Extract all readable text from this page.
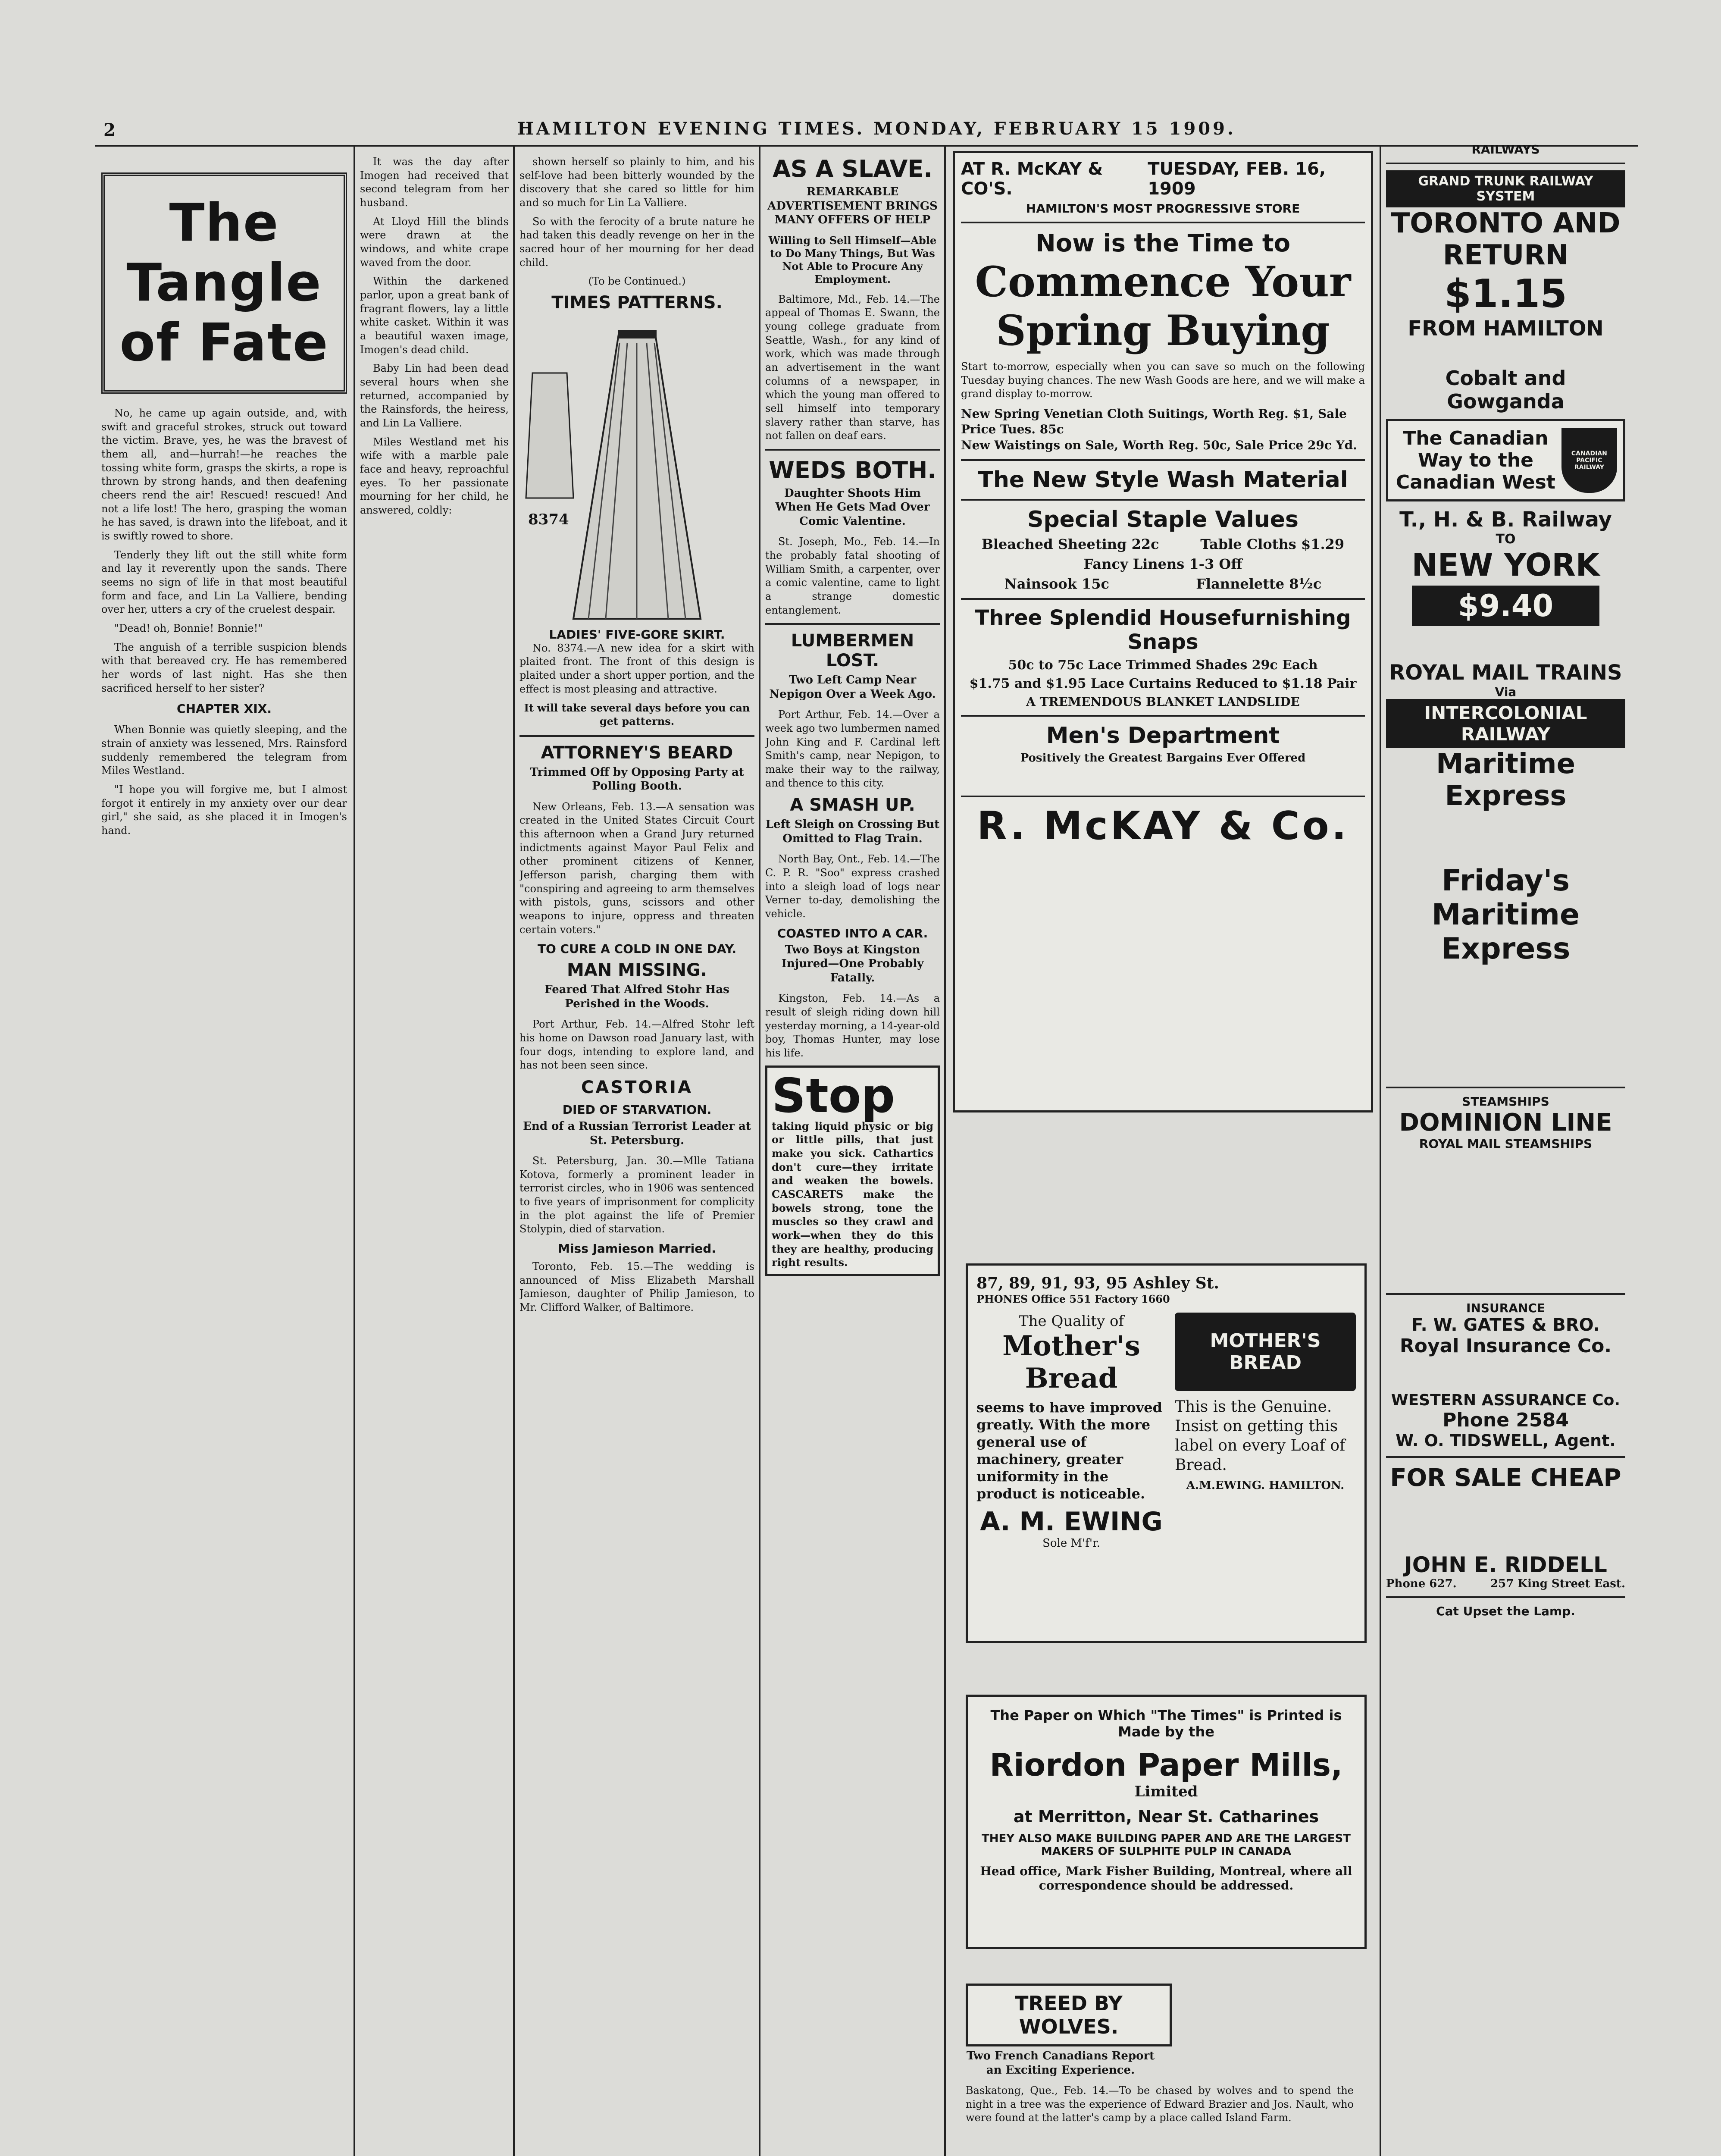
2	HAMILTON EVENING TIMES. MONDAY, FEBRUARY 15 1909.
The Tangle of Fate

No, he came up again outside, and, with swift and graceful strokes, struck out toward the victim. Brave, yes, he was the bravest of them all, and—hurrah!—he reaches the tossing white form, grasps the skirts, a rope is thrown by strong hands, and then deafening cheers rend the air! Rescued! rescued! And not a life lost! The hero, grasping the woman he has saved, is drawn into the lifeboat, and it is swiftly rowed to shore.

Tenderly they lift out the still white form and lay it reverently upon the sands. There seems no sign of life in that most beautiful form and face, and Lin La Valliere, bending over her, utters a cry of the cruelest despair.

"Dead! oh, Bonnie! Bonnie!"

The anguish of a terrible suspicion blends with that bereaved cry. He has remembered her words of last night. Has she then sacrificed herself to her sister?

CHAPTER XIX.

When Bonnie was quietly sleeping, and the strain of anxiety was lessened, Mrs. Rainsford suddenly remembered the telegram from Miles Westland.

"I hope you will forgive me, but I almost forgot it entirely in my anxiety over our dear girl," she said, as she placed it in Imogen's hand.

It was the day after Imogen had received that second telegram from her husband.

At Lloyd Hill the blinds were drawn at the windows, and white crape waved from the door.

Within the darkened parlor, upon a great bank of fragrant flowers, lay a little white casket. Within it was a beautiful waxen image, Imogen's dead child.

Baby Lin had been dead several hours when she returned, accompanied by the Rainsfords, the heiress, and Lin La Valliere.

Miles Westland met his wife with a marble pale face and heavy, reproachful eyes. To her passionate mourning for her child, he answered, coldly:

shown herself so plainly to him, and his self-love had been bitterly wounded by the discovery that she cared so little for him and so much for Lin La Valliere.

So with the ferocity of a brute nature he had taken this deadly revenge on her in the sacred hour of her mourning for her dead child.

(To be Continued.)
TIMES PATTERNS.
8374
LADIES' FIVE-GORE SKIRT.

No. 8374.—A new idea for a skirt with plaited front. The front of this design is plaited under a short upper portion, and the effect is most pleasing and attractive.

It will take several days before you can get patterns.
ATTORNEY'S BEARD
Trimmed Off by Opposing Party at Polling Booth.

New Orleans, Feb. 13.—A sensation was created in the United States Circuit Court this afternoon when a Grand Jury returned indictments against Mayor Paul Felix and other prominent citizens of Kenner, Jefferson parish, charging them with "conspiring and agreeing to arm themselves with pistols, guns, scissors and other weapons to injure, oppress and threaten certain voters."

TO CURE A COLD IN ONE DAY.
MAN MISSING.
Feared That Alfred Stohr Has Perished in the Woods.

Port Arthur, Feb. 14.—Alfred Stohr left his home on Dawson road January last, with four dogs, intending to explore land, and has not been seen since.

CASTORIA
DIED OF STARVATION.
End of a Russian Terrorist Leader at St. Petersburg.

St. Petersburg, Jan. 30.—Mlle Tatiana Kotova, formerly a prominent leader in terrorist circles, who in 1906 was sentenced to five years of imprisonment for complicity in the plot against the life of Premier Stolypin, died of starvation.

Miss Jamieson Married.

Toronto, Feb. 15.—The wedding is announced of Miss Elizabeth Marshall Jamieson, daughter of Philip Jamieson, to Mr. Clifford Walker, of Baltimore.

AS A SLAVE.
REMARKABLE ADVERTISEMENT BRINGS MANY OFFERS OF HELP
Willing to Sell Himself—Able to Do Many Things, But Was Not Able to Procure Any Employment.

Baltimore, Md., Feb. 14.—The appeal of Thomas E. Swann, the young college graduate from Seattle, Wash., for any kind of work, which was made through an advertisement in the want columns of a newspaper, in which the young man offered to sell himself into temporary slavery rather than starve, has not fallen on deaf ears.

WEDS BOTH.
Daughter Shoots Him When He Gets Mad Over Comic Valentine.

St. Joseph, Mo., Feb. 14.—In the probably fatal shooting of William Smith, a carpenter, over a comic valentine, came to light a strange domestic entanglement.

LUMBERMEN LOST.
Two Left Camp Near Nepigon Over a Week Ago.

Port Arthur, Feb. 14.—Over a week ago two lumbermen named John King and F. Cardinal left Smith's camp, near Nepigon, to make their way to the railway, and thence to this city.

A SMASH UP.
Left Sleigh on Crossing But Omitted to Flag Train.

North Bay, Ont., Feb. 14.—The C. P. R. "Soo" express crashed into a sleigh load of logs near Verner to-day, demolishing the vehicle.

COASTED INTO A CAR.
Two Boys at Kingston Injured—One Probably Fatally.

Kingston, Feb. 14.—As a result of sleigh riding down hill yesterday morning, a 14-year-old boy, Thomas Hunter, may lose his life.

Stop
taking liquid physic or big or little pills, that just make you sick. Cathartics don't cure—they irritate and weaken the bowels. CASCARETS make the bowels strong, tone the muscles so they crawl and work—when they do this they are healthy, producing right results.
AT R. McKAY & CO'S.
TUESDAY, FEB. 16, 1909
HAMILTON'S MOST PROGRESSIVE STORE
Now is the Time to
Commence Your
Spring Buying
Start to-morrow, especially when you can save so much on the following Tuesday buying chances. The new Wash Goods are here, and we will make a grand display to-morrow.
New Spring Venetian Cloth Suitings, Worth Reg. $1, Sale Price Tues. 85c
New Waistings on Sale, Worth Reg. 50c, Sale Price 29c Yd.
The New Style Wash Material
Special Staple Values
Bleached Sheeting 22c	Table Cloths $1.29
Fancy Linens 1-3 Off
Nainsook 15c	Flannelette 8½c
Three Splendid Housefurnishing Snaps
50c to 75c Lace Trimmed Shades 29c Each
$1.75 and $1.95 Lace Curtains Reduced to $1.18 Pair
A TREMENDOUS BLANKET LANDSLIDE
Men's Department
Positively the Greatest Bargains Ever Offered
R. McKAY & Co.
87, 89, 91, 93, 95 Ashley St.
PHONES Office 551 Factory 1660
The Quality of
Mother's Bread
seems to have improved greatly. With the more general use of machinery, greater uniformity in the product is noticeable.
A. M. EWING
Sole M'f'r.
MOTHER'S BREAD
This is the Genuine. Insist on getting this label on every Loaf of Bread.
A.M.EWING. HAMILTON.
The Paper on Which "The Times" is Printed is Made by the
Riordon Paper Mills, Limited
at Merritton, Near St. Catharines
THEY ALSO MAKE BUILDING PAPER AND ARE THE LARGEST MAKERS OF SULPHITE PULP IN CANADA
Head office, Mark Fisher Building, Montreal, where all correspondence should be addressed.
TREED BY WOLVES.
Two French Canadians Report an Exciting Experience.
Baskatong, Que., Feb. 14.—To be chased by wolves and to spend the night in a tree was the experience of Edward Brazier and Jos. Nault, who were found at the latter's camp by a place called Island Farm.
RAILWAYS
GRAND TRUNK RAILWAY SYSTEM
TORONTO AND RETURN
$1.15
FROM HAMILTON
Cobalt and Gowganda
The Canadian Way to the Canadian West
CANADIAN PACIFIC RAILWAY
T., H. & B. Railway
TO
NEW YORK
$9.40
ROYAL MAIL TRAINS
Via
INTERCOLONIAL RAILWAY
Maritime Express
Friday's Maritime Express
STEAMSHIPS
DOMINION LINE
ROYAL MAIL STEAMSHIPS
INSURANCE
F. W. GATES & BRO.
Royal Insurance Co.
WESTERN ASSURANCE Co.
Phone 2584
W. O. TIDSWELL, Agent.
FOR SALE CHEAP
JOHN E. RIDDELL
Phone 627.	257 King Street East.
Cat Upset the Lamp.
